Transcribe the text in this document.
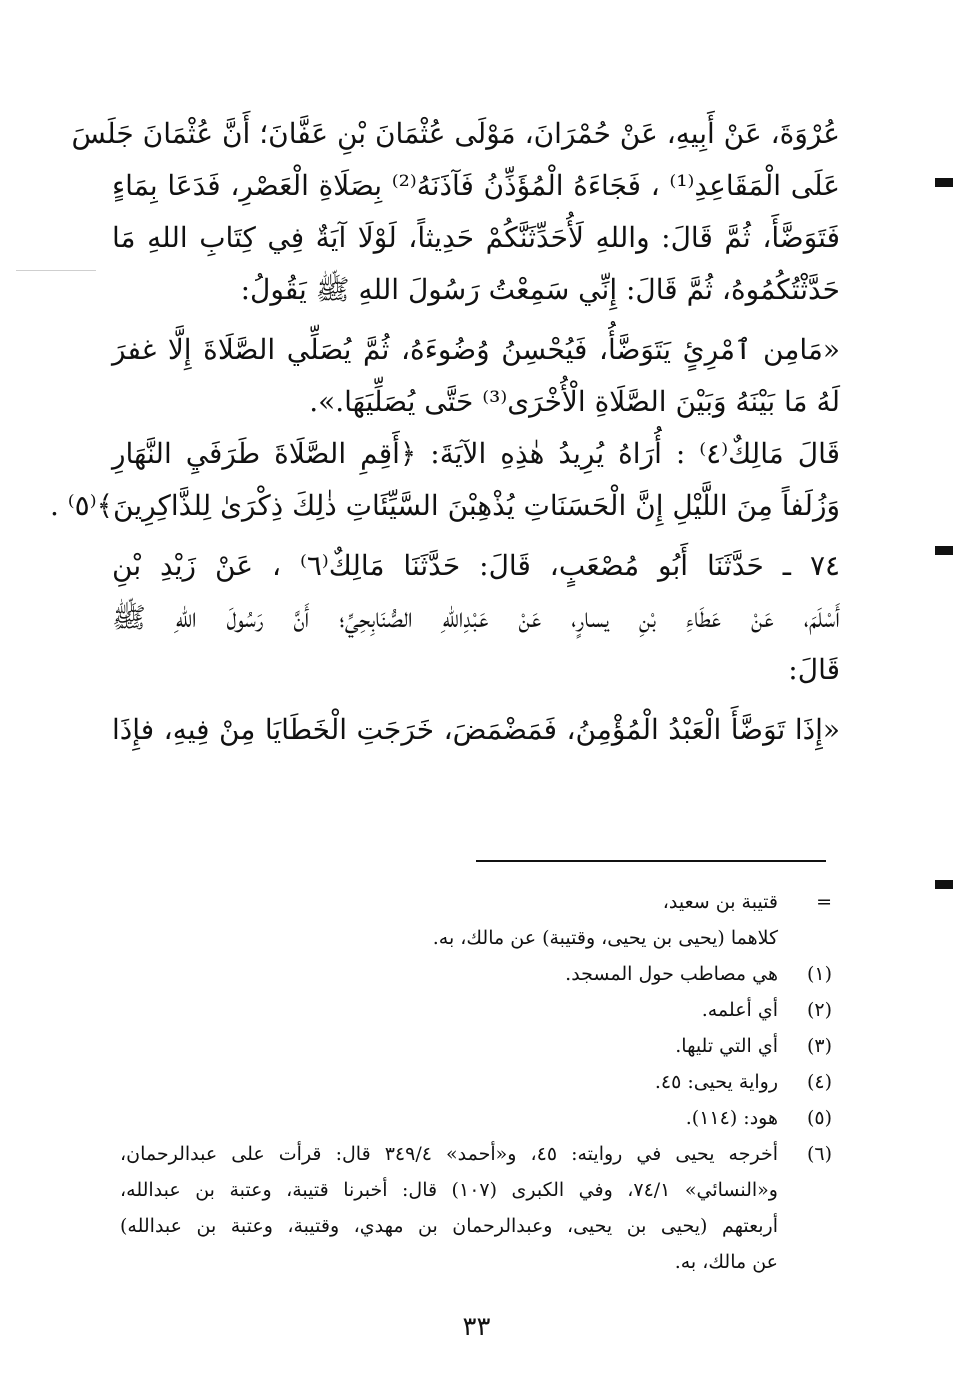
عُرْوَةَ، عَنْ أَبِيهِ، عَنْ حُمْرَانَ، مَوْلَى عُثْمَانَ بْنِ عَفَّانَ؛ أَنَّ عُثْمَانَ جَلَسَ
عَلَى الْمَقَاعِدِ⁽¹⁾ ، فَجَاءَهُ الْمُؤَذِّنُ فَآذَنَهُ⁽²⁾ بِصَلَاةِ الْعَصْرِ، فَدَعَا بِمَاءٍ
فَتَوَضَّأَ، ثُمَّ قَالَ: واللهِ لَأُحَدِّثَنَّكُمْ حَدِيثاً، لَوْلَا آيَةٌ فِي كِتَابِ اللهِ مَا
حَدَّثْتُكُمُوهُ، ثُمَّ قَالَ: إِنِّي سَمِعْتُ رَسُولَ اللهِ ﷺ يَقُولُ:
«مَامِن ٱمْرِئٍ يَتَوَضَّأُ، فَيُحْسِنُ وُضُوءَهُ، ثُمَّ يُصَلِّي الصَّلَاةَ إِلَّا غفرَ
لَهُ مَا بَيْنَهُ وَبَيْنَ الصَّلَاةِ الْأُخْرَى⁽³⁾ حَتَّى يُصَلِّيَهَا.».
قَالَ مَالِكٌ⁽٤⁾ : أُرَاهُ يُرِيدُ هٰذِهِ الآيَةَ: ﴿أَقِمِ الصَّلَاةَ طَرَفَيِ النَّهَارِ
وَزُلَفاً مِنَ اللَّيْلِ إِنَّ الْحَسَنَاتِ يُذْهِبْنَ السَّيِّئَاتِ ذٰلِكَ ذِكْرَىٰ لِلذَّاكِرِينَ﴾⁽٥⁾ .
٧٤ ـ حَدَّثَنَا أَبُو مُصْعَبٍ، قَالَ: حَدَّثَنَا مَالِكٌ⁽٦⁾ ، عَنْ زَيْدِ بْنِ
أَسْلَمَ، عَنْ عَطَاءِ بْنِ يسارٍ، عَنْ عَبْدِاللهِ الصُّنَابِحِيِّ؛ أَنَّ رَسُولَ اللهِ ﷺ
قَالَ:
«إِذَا تَوَضَّأَ الْعَبْدُ الْمُؤْمِنُ، فَمَضْمَضَ، خَرَجَتِ الْخَطَايَا مِنْ فِيهِ، فإِذَا
=
قتيبة بن سعيد،
كلاهما (يحيى بن يحيى، وقتيبة) عن مالك، به.
(١)
هي مصاطب حول المسجد.
(٢)
أي أعلمه.
(٣)
أي التي تليها.
(٤)
رواية يحيى: ٤٥.
(٥)
هود: (١١٤).
(٦)
أخرجه يحيى في روايته: ٤٥، و«أحمد» ٣٤٩/٤ قال: قرأت على عبدالرحمان،
و«النسائي» ٧٤/١، وفي الكبرى (١٠٧) قال: أخبرنا قتيبة، وعتبة بن عبدالله،
أربعتهم (يحيى بن يحيى، وعبدالرحمان بن مهدي، وقتيبة، وعتبة بن عبدالله)
عن مالك، به.
٣٣
